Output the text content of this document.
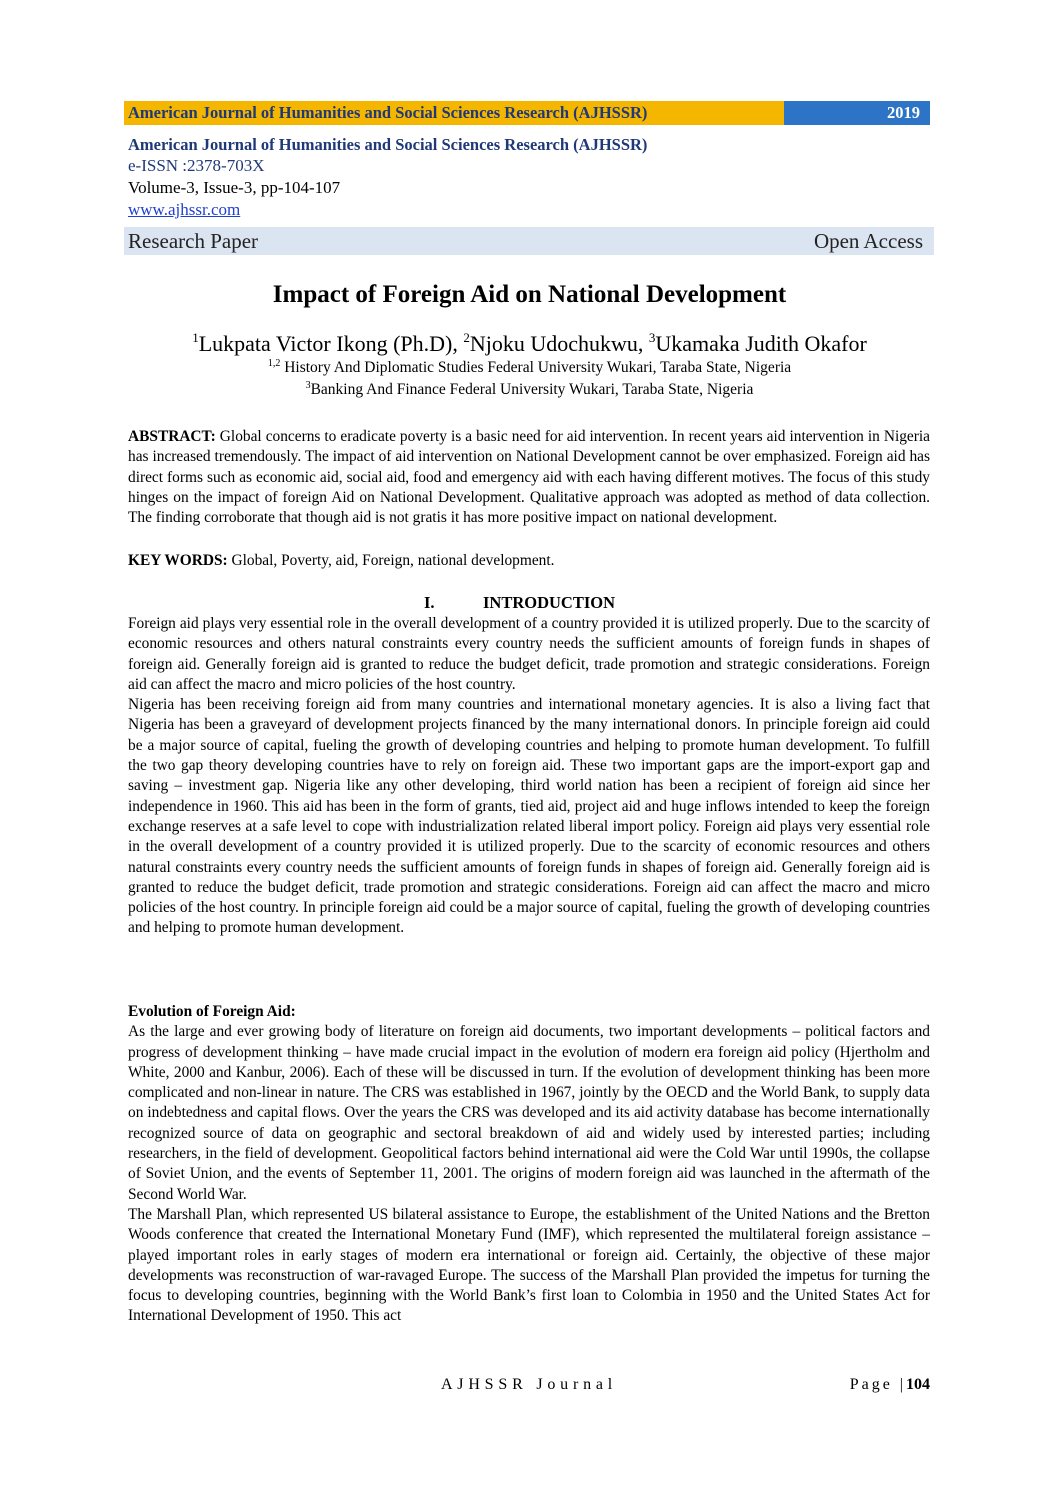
American Journal of Humanities and Social Sciences Research (AJHSSR)	2019
American Journal of Humanities and Social Sciences Research (AJHSSR)
e-ISSN :2378-703X
Volume-3, Issue-3, pp-104-107
www.ajhssr.com
Research Paper	Open Access
Impact of Foreign Aid on National Development
$^1$Lukpata Victor Ikong (Ph.D), $^2$Njoku Udochukwu, $^3$Ukamaka Judith Okafor
$^{1,2}$ History And Diplomatic Studies Federal University Wukari, Taraba State, Nigeria
$^3$Banking And Finance Federal University Wukari, Taraba State, Nigeria

ABSTRACT: Global concerns to eradicate poverty is a basic need for aid intervention. In recent years aid intervention in Nigeria has increased tremendously. The impact of aid intervention on National Development cannot be over emphasized. Foreign aid has direct forms such as economic aid, social aid, food and emergency aid with each having different motives. The focus of this study hinges on the impact of foreign Aid on National Development. Qualitative approach was adopted as method of data collection. The finding corroborate that though aid is not gratis it has more positive impact on national development.

KEY WORDS: Global, Poverty, aid, Foreign, national development.

I.	INTRODUCTION

Foreign aid plays very essential role in the overall development of a country provided it is utilized properly. Due to the scarcity of economic resources and others natural constraints every country needs the sufficient amounts of foreign funds in shapes of foreign aid. Generally foreign aid is granted to reduce the budget deficit, trade promotion and strategic considerations. Foreign aid can affect the macro and micro policies of the host country.

Nigeria has been receiving foreign aid from many countries and international monetary agencies. It is also a living fact that Nigeria has been a graveyard of development projects financed by the many international donors. In principle foreign aid could be a major source of capital, fueling the growth of developing countries and helping to promote human development. To fulfill the two gap theory developing countries have to rely on foreign aid. These two important gaps are the import-export gap and saving – investment gap. Nigeria like any other developing, third world nation has been a recipient of foreign aid since her independence in 1960. This aid has been in the form of grants, tied aid, project aid and huge inflows intended to keep the foreign exchange reserves at a safe level to cope with industrialization related liberal import policy. Foreign aid plays very essential role in the overall development of a country provided it is utilized properly. Due to the scarcity of economic resources and others natural constraints every country needs the sufficient amounts of foreign funds in shapes of foreign aid. Generally foreign aid is granted to reduce the budget deficit, trade promotion and strategic considerations. Foreign aid can affect the macro and micro policies of the host country. In principle foreign aid could be a major source of capital, fueling the growth of developing countries and helping to promote human development.

Evolution of Foreign Aid:

As the large and ever growing body of literature on foreign aid documents, two important developments – political factors and progress of development thinking – have made crucial impact in the evolution of modern era foreign aid policy (Hjertholm and White, 2000 and Kanbur, 2006). Each of these will be discussed in turn. If the evolution of development thinking has been more complicated and non-linear in nature. The CRS was established in 1967, jointly by the OECD and the World Bank, to supply data on indebtedness and capital flows. Over the years the CRS was developed and its aid activity database has become internationally recognized source of data on geographic and sectoral breakdown of aid and widely used by interested parties; including researchers, in the field of development. Geopolitical factors behind international aid were the Cold War until 1990s, the collapse of Soviet Union, and the events of September 11, 2001. The origins of modern foreign aid was launched in the aftermath of the Second World War.

The Marshall Plan, which represented US bilateral assistance to Europe, the establishment of the United Nations and the Bretton Woods conference that created the International Monetary Fund (IMF), which represented the multilateral foreign assistance – played important roles in early stages of modern era international or foreign aid. Certainly, the objective of these major developments was reconstruction of war-ravaged Europe. The success of the Marshall Plan provided the impetus for turning the focus to developing countries, beginning with the World Bank’s first loan to Colombia in 1950 and the United States Act for International Development of 1950. This act

AJHSSR Journal	Page |104
